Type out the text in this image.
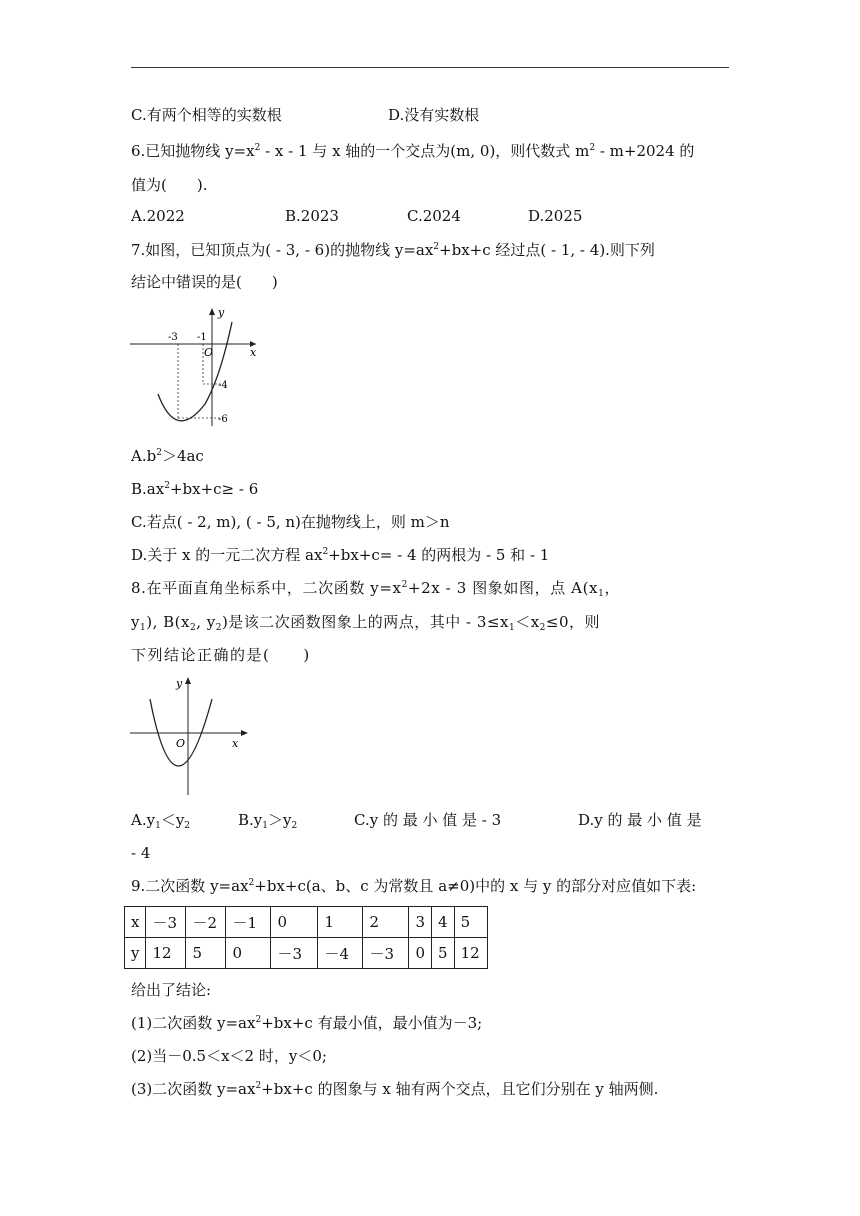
C.有两个相等的实数根	D.没有实数根
6.已知抛物线 $y=x^2 - x - 1$ 与 x 轴的一个交点为(m, 0)，则代数式 $m^2 - m+2024$ 的
值为(　　).
A.2022	B.2023	C.2024	D.2025
7.如图，已知顶点为( - 3, - 6)的抛物线 $y=ax^2+bx+c$ 经过点( - 1, - 4).则下列
结论中错误的是(　　)
y
x
O
-3 -1
-4
-6
$A.b^2>4ac$
$B.ax^2+bx+c\ge - 6$
C.若点( - 2, m), ( - 5, n)在抛物线上，则 m＞n
D.关于 x 的一元二次方程 $ax^2+bx+c= - 4$ 的两根为 - 5 和 - 1
8.在平面直角坐标系中，二次函数 $y=x^2+2x - 3$ 图象如图，点 $A(x_1$，
$y_1$), $B(x_2$, $y_2$)是该二次函数图象上的两点，其中 - $3\le x_1<x_2\le 0$，则
下列结论正确的是(　　)
y
x
O
$A.y_1<y_2$	$B.y_1>y_2$	C.y 的 最 小 值 是 - 3	D.y 的 最 小 值 是
- 4
9.二次函数 $y=ax^2+bx+c(a$、b、c 为常数且 a≠0)中的 x 与 y 的部分对应值如下表:
x	－3	－2	－1	0	1	2	3	4	5
y	12	5	0	－3	－4	－3	0	5	12
给出了结论:
(1)二次函数 $y=ax^2+bx+c$ 有最小值，最小值为－3;
(2)当－0.5＜x＜2 时，y＜0;
(3)二次函数 $y=ax^2+bx+c$ 的图象与 x 轴有两个交点，且它们分别在 y 轴两侧.
